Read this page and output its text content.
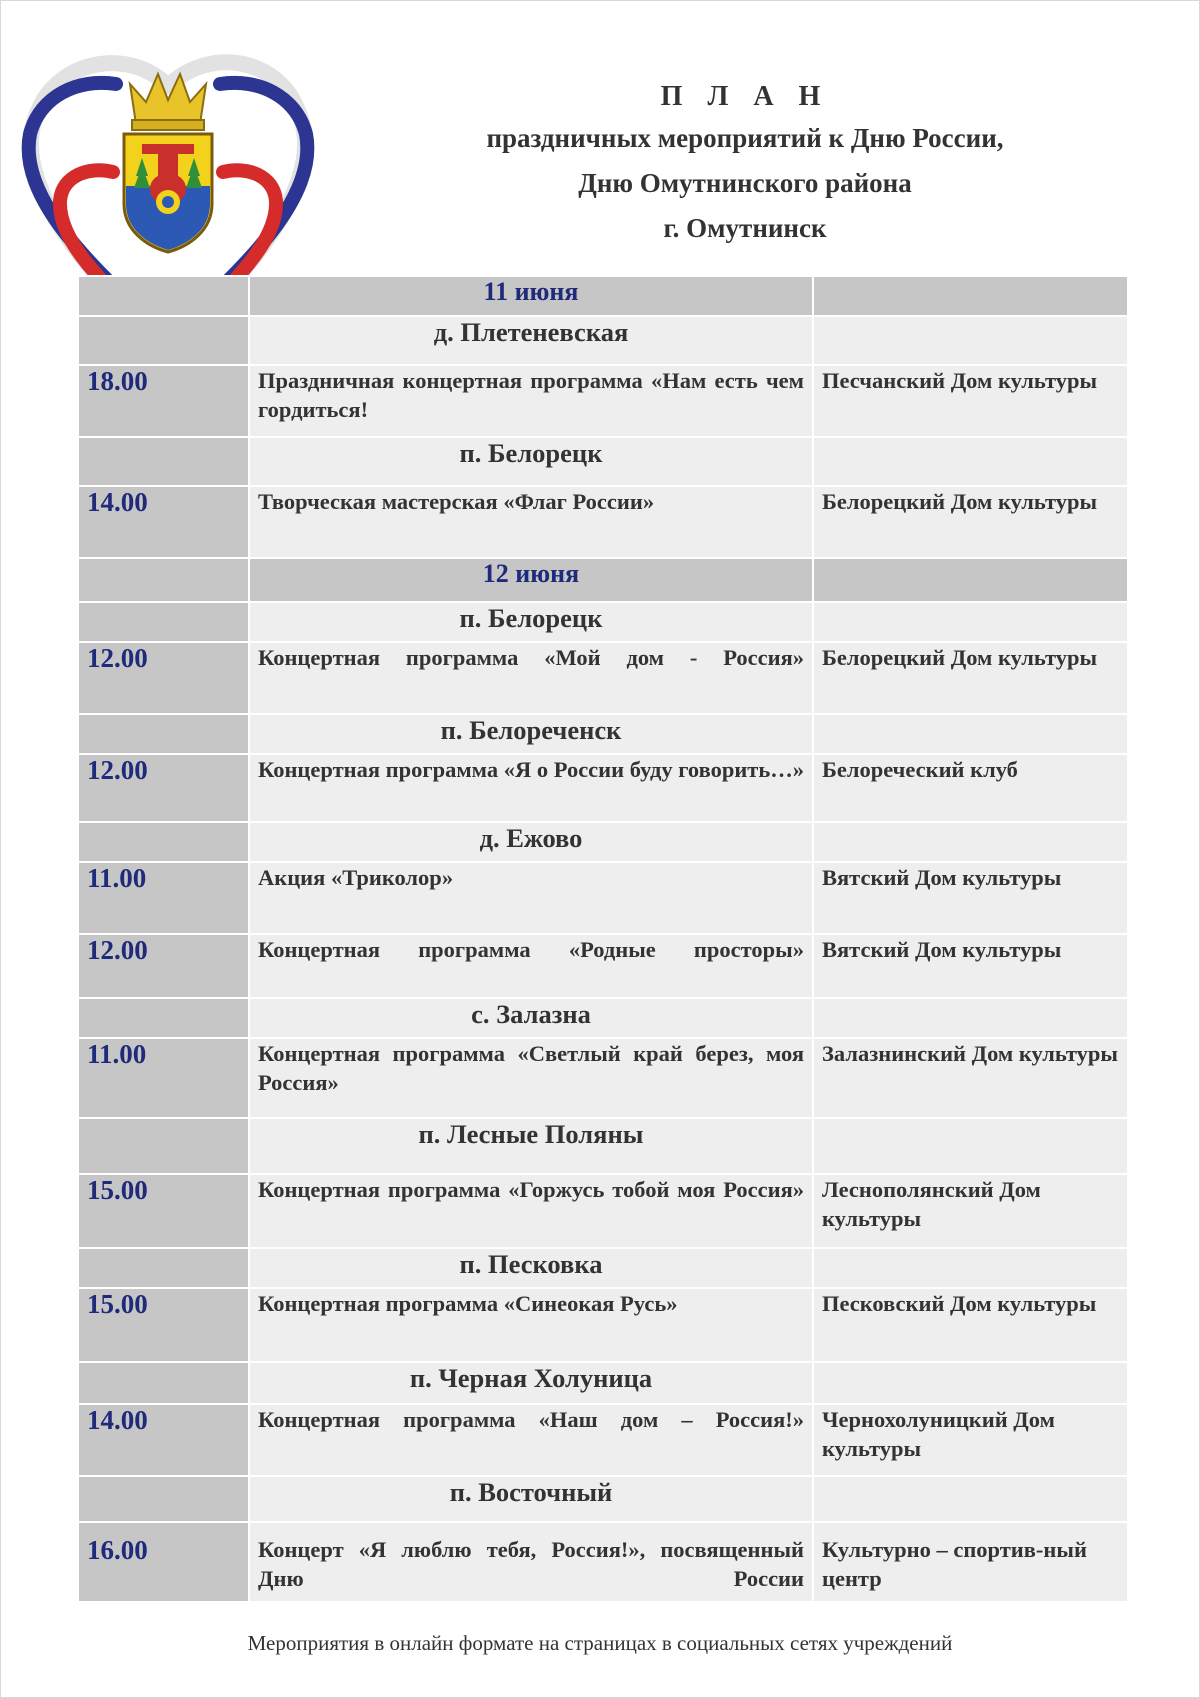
П Л А Н
праздничных мероприятий к Дню России,
Дню Омутнинского района
г. Омутнинск
	11 июня	
	д. Плетеневская	
18.00	Праздничная концертная программа «Нам есть чем гордиться!	Песчанский Дом культуры
	п. Белорецк	
14.00	Творческая мастерская «Флаг России»	Белорецкий Дом культуры
	12 июня	
	п. Белорецк	
12.00	Концертная программа «Мой дом - Россия»	Белорецкий Дом культуры
	п. Белореченск	
12.00	Концертная программа «Я о России буду говорить…»	Белореческий клуб
	д. Ежово	
11.00	Акция «Триколор»	Вятский Дом культуры
12.00	Концертная программа «Родные просторы»	Вятский Дом культуры
	с. Залазна	
11.00	Концертная программа «Светлый край берез, моя Россия»	Залазнинский Дом культуры
	п. Лесные Поляны	
15.00	Концертная программа «Горжусь тобой моя Россия»	Леснополянский Дом культуры
	п. Песковка	
15.00	Концертная программа «Синеокая Русь»	Песковский Дом культуры
	п. Черная Холуница	
14.00	Концертная программа «Наш дом – Россия!»	Чернохолуницкий Дом культуры
	п. Восточный	
16.00	Концерт «Я люблю тебя, Россия!», посвященный Дню России	Культурно – спортив-ный центр
Мероприятия в онлайн формате на страницах в социальных сетях учреждений
